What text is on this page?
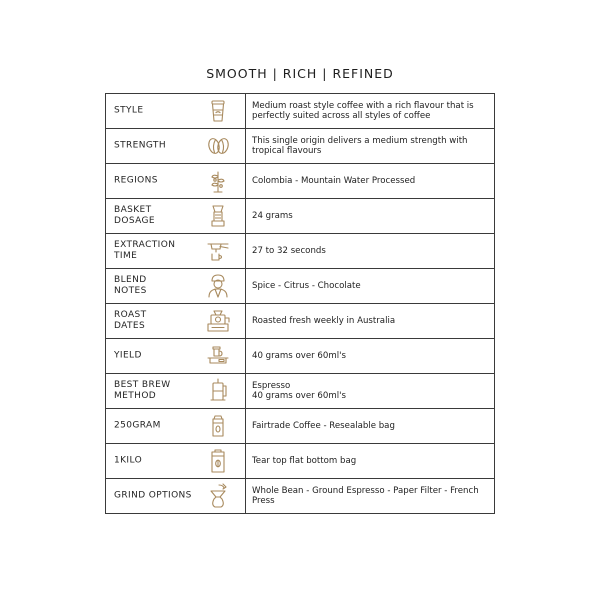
SMOOTH | RICH | REFINED
STYLE	Medium roast style coffee with a rich flavour that is perfectly suited across all styles of coffee

STRENGTH	This single origin delivers a medium strength with tropical flavours

REGIONS	Colombia - Mountain Water Processed

BASKET
DOSAGE	24 grams

EXTRACTION
TIME	27 to 32 seconds

BLEND
NOTES	Spice - Citrus - Chocolate

ROAST
DATES	Roasted fresh weekly in Australia

YIELD	40 grams over 60ml's

BEST BREW
METHOD	Espresso
40 grams over 60ml's

250GRAM	Fairtrade Coffee - Resealable bag

1KILO	Tear top flat bottom bag

GRIND OPTIONS	Whole Bean - Ground Espresso - Paper Filter - French Press
